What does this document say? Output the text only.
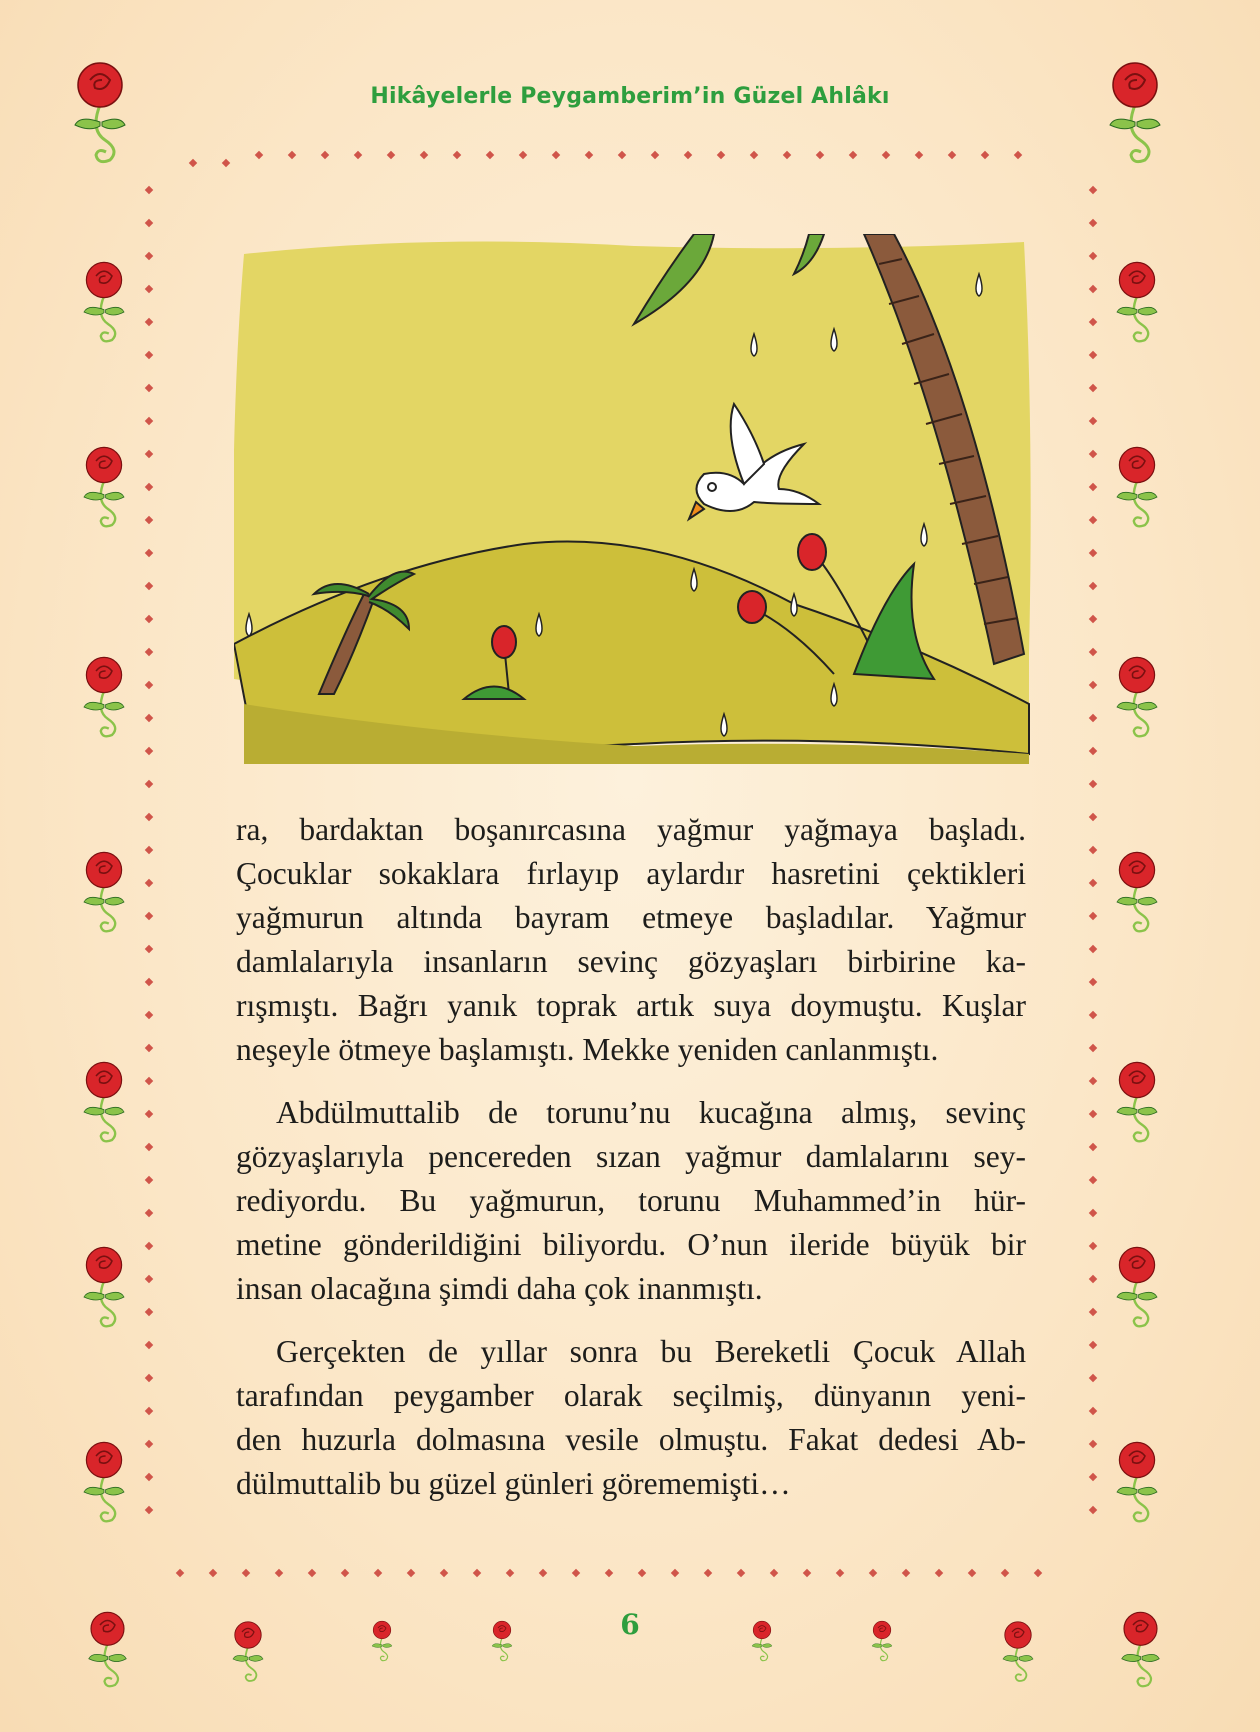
Hikâyelerle Peygamberim’in Güzel Ahlâkı
ra, bardaktan boşanırcasına yağmur yağmaya başladı.
Çocuklar sokaklara fırlayıp aylardır hasretini çektikleri
yağmurun altında bayram etmeye başladılar. Yağmur
damlalarıyla insanların sevinç gözyaşları birbirine ka-
rışmıştı. Bağrı yanık toprak artık suya doymuştu. Kuşlar
neşeyle ötmeye başlamıştı. Mekke yeniden canlanmıştı.
Abdülmuttalib de torunu’nu kucağına almış, sevinç
gözyaşlarıyla pencereden sızan yağmur damlalarını sey-
rediyordu. Bu yağmurun, torunu Muhammed’in hür-
metine gönderildiğini biliyordu. O’nun ileride büyük bir
insan olacağına şimdi daha çok inanmıştı.
Gerçekten de yıllar sonra bu Bereketli Çocuk Allah
tarafından peygamber olarak seçilmiş, dünyanın yeni-
den huzurla dolmasına vesile olmuştu. Fakat dedesi Ab-
dülmuttalib bu güzel günleri görememişti…
6
